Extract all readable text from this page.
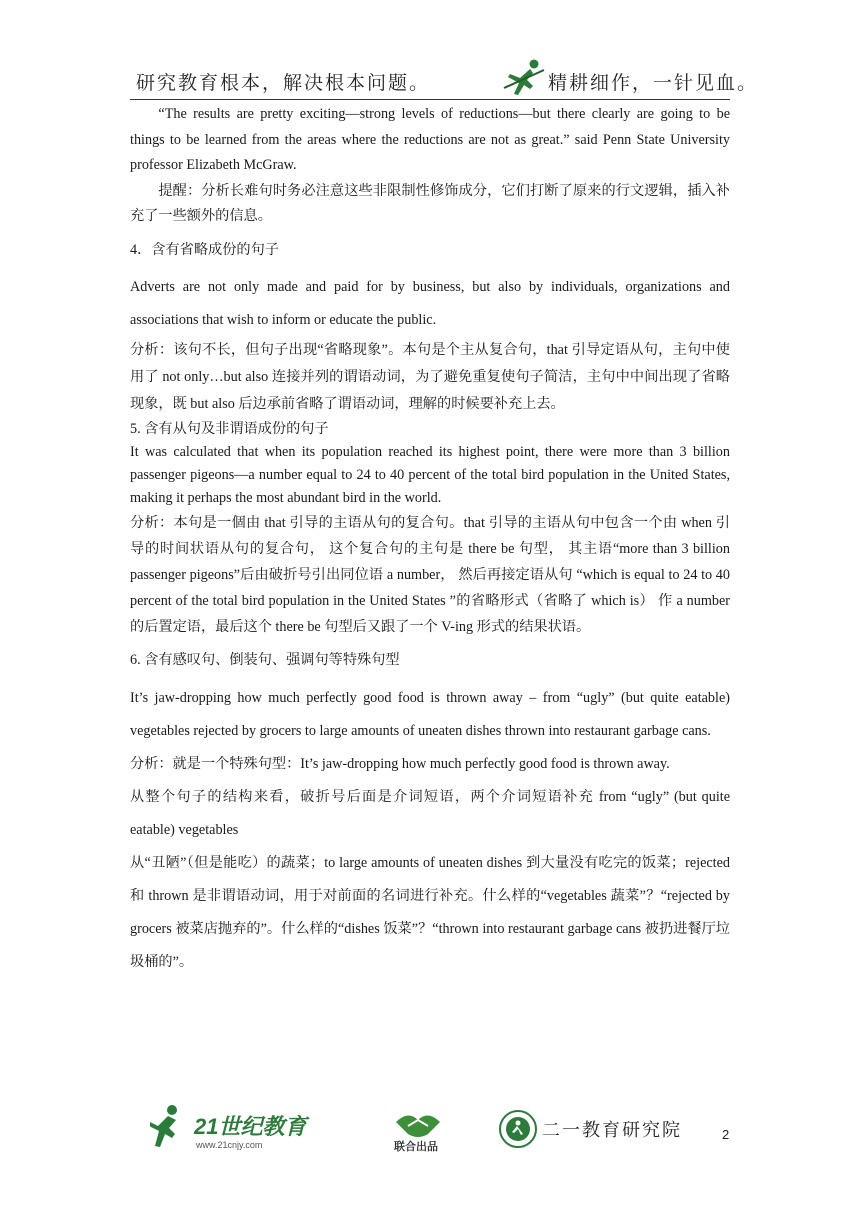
研究教育根本，解决根本问题。	精耕细作，一针见血。

“The results are pretty exciting—strong levels of reductions—but there clearly are going to be things to be learned from the areas where the reductions are not as great.” said Penn State University professor Elizabeth McGraw.

提醒：分析长难句时务必注意这些非限制性修饰成分，它们打断了原来的行文逻辑，插入补充了一些额外的信息。

4．含有省略成份的句子

Adverts are not only made and paid for by business, but also by individuals, organizations and associations that wish to inform or educate the public.

分析：该句不长，但句子出现“省略现象”。本句是个主从复合句，that 引导定语从句，主句中使用了 not only…but also 连接并列的谓语动词，为了避免重复使句子简洁，主句中中间出现了省略现象，既 but also 后边承前省略了谓语动词，理解的时候要补充上去。

5. 含有从句及非谓语成份的句子

It was calculated that when its population reached its highest point, there were more than 3 billion passenger pigeons—a number equal to 24 to 40 percent of the total bird population in the United States, making it perhaps the most abundant bird in the world.

分析：本句是一個由 that 引导的主语从句的复合句。that 引导的主语从句中包含一个由 when 引导的时间状语从句的复合句， 这个复合句的主句是 there be 句型， 其主语“more than 3 billion passenger pigeons”后由破折号引出同位语 a number， 然后再接定语从句 “which is equal to 24 to 40 percent of the total bird population in the United States ”的省略形式（省略了 which is） 作 a number 的后置定语，最后这个 there be 句型后又跟了一个 V-ing 形式的结果状语。

6. 含有感叹句、倒装句、强调句等特殊句型

It’s jaw-dropping how much perfectly good food is thrown away – from “ugly” (but quite eatable) vegetables rejected by grocers to large amounts of uneaten dishes thrown into restaurant garbage cans.

分析：就是一个特殊句型：It’s jaw-dropping how much perfectly good food is thrown away.

从整个句子的结构来看，破折号后面是介词短语，两个介词短语补充 from “ugly” (but quite eatable) vegetables

从“丑陋”（但是能吃）的蔬菜；to large amounts of uneaten dishes 到大量没有吃完的饭菜；rejected 和 thrown 是非谓语动词，用于对前面的名词进行补充。什么样的“vegetables 蔬菜”？“rejected by grocers 被菜店抛弃的”。什么样的“dishes 饭菜”？“thrown into restaurant garbage cans 被扔进餐厅垃圾桶的”。

21世纪教育
www.21cnjy.com	联合出品
二一教育研究院	2
